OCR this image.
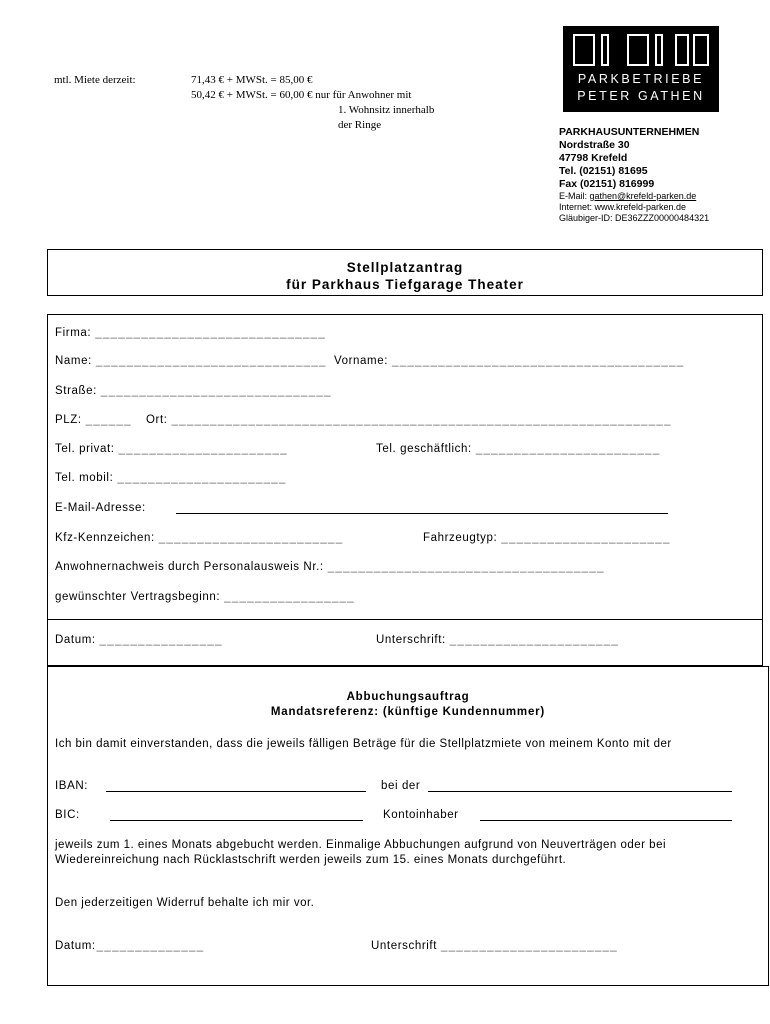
mtl. Miete derzeit:	71,43 € + MWSt. = 85,00 €
50,42 € + MWSt. = 60,00 € nur für Anwohner mit
1. Wohnsitz innerhalb
der Ringe
PARKBETRIEBE
PETER GATHEN
PARKHAUSUNTERNEHMEN
Nordstraße 30
47798 Krefeld
Tel. (02151) 81695
Fax (02151) 816999
E-Mail: gathen@krefeld-parken.de
Internet: www.krefeld-parken.de
Gläubiger-ID: DE36ZZZ00000484321
Stellplatzantrag
für Parkhaus Tiefgarage Theater
Firma: ______________________________
Name: ______________________________ Vorname: ______________________________________
Straße: ______________________________
PLZ: ______ Ort: _________________________________________________________________
Tel. privat: ______________________	Tel. geschäftlich: ________________________
Tel. mobil: ______________________
E-Mail-Adresse:
Kfz-Kennzeichen: ________________________	Fahrzeugtyp: ______________________
Anwohnernachweis durch Personalausweis Nr.: ____________________________________
gewünschter Vertragsbeginn: _________________
Datum: ________________	Unterschrift: ______________________
Abbuchungsauftrag
Mandatsreferenz: (künftige Kundennummer)
Ich bin damit einverstanden, dass die jeweils fälligen Beträge für die Stellplatzmiete von meinem Konto mit der
IBAN:	bei der
BIC:	Kontoinhaber
jeweils zum 1. eines Monats abgebucht werden. Einmalige Abbuchungen aufgrund von Neuverträgen oder bei Wiedereinreichung nach Rücklastschrift werden jeweils zum 15. eines Monats durchgeführt.
Den jederzeitigen Widerruf behalte ich mir vor.
Datum:______________	Unterschrift _______________________
